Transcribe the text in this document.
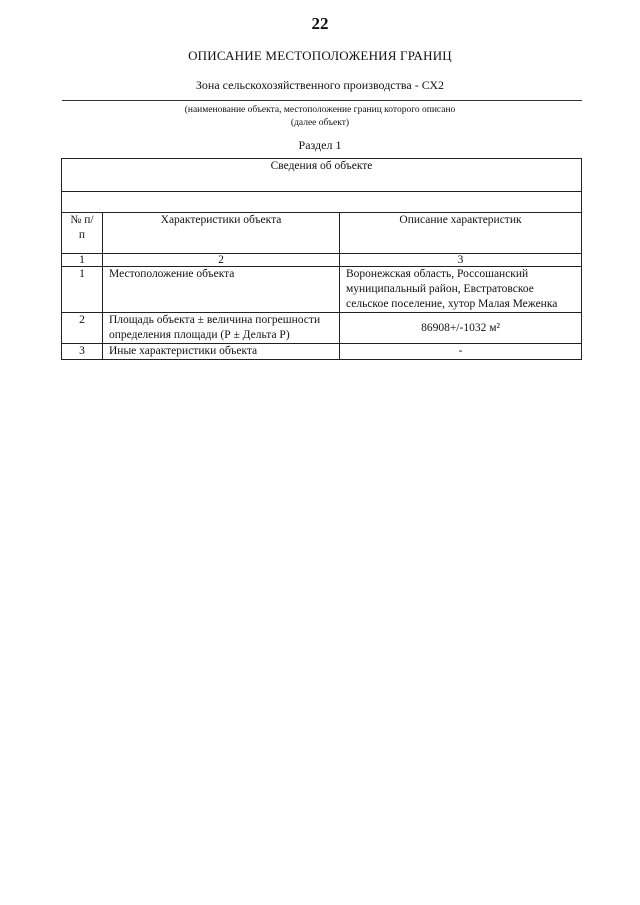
22
ОПИСАНИЕ МЕСТОПОЛОЖЕНИЯ ГРАНИЦ
Зона сельскохозяйственного производства - СХ2
(наименование объекта, местоположение границ которого описано
(далее объект)
Раздел 1
Сведения об объекте		

№ п/п	Характеристики объекта	Описание характеристик
1	2	3
1	Местоположение объекта	Воронежская область, Россошанский муниципальный район, Евстратовское сельское поселение, хутор Малая Меженка
2	Площадь объекта ± величина погрешности определения площади (Р ± Дельта Р)	86908+/-1032 м²
3	Иные характеристики объекта	-
